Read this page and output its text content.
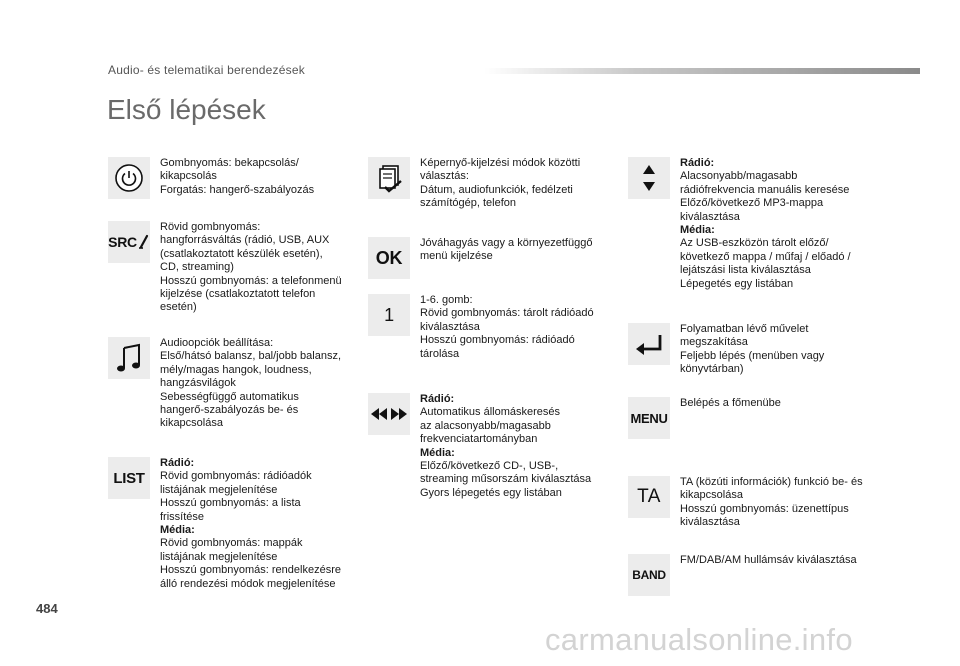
Audio- és telematikai berendezések
Első lépések
Gombnyomás: bekapcsolás/
kikapcsolás
Forgatás: hangerő-szabályozás
SRC
Rövid gombnyomás:
hangforrásváltás (rádió, USB, AUX
(csatlakoztatott készülék esetén),
CD, streaming)
Hosszú gombnyomás: a telefonmenü
kijelzése (csatlakoztatott telefon
esetén)
Audioopciók beállítása:
Első/hátsó balansz, bal/jobb balansz,
mély/magas hangok, loudness,
hangzásvilágok
Sebességfüggő automatikus
hangerő-szabályozás be- és
kikapcsolása
LIST
Rádió:
Rövid gombnyomás: rádióadók
listájának megjelenítése
Hosszú gombnyomás: a lista
frissítése
Média:
Rövid gombnyomás: mappák
listájának megjelenítése
Hosszú gombnyomás: rendelkezésre
álló rendezési módok megjelenítése
Képernyő-kijelzési módok közötti
választás:
Dátum, audiofunkciók, fedélzeti
számítógép, telefon
OK
Jóváhagyás vagy a környezetfüggő
menü kijelzése
1
1-6. gomb:
Rövid gombnyomás: tárolt rádióadó
kiválasztása
Hosszú gombnyomás: rádióadó
tárolása
Rádió:
Automatikus állomáskeresés
az alacsonyabb/magasabb
frekvenciatartományban
Média:
Előző/következő CD-, USB-,
streaming műsorszám kiválasztása
Gyors lépegetés egy listában
Rádió:
Alacsonyabb/magasabb
rádiófrekvencia manuális keresése
Előző/következő MP3-mappa
kiválasztása
Média:
Az USB-eszközön tárolt előző/
következő mappa / műfaj / előadó /
lejátszási lista kiválasztása
Lépegetés egy listában
Folyamatban lévő művelet
megszakítása
Feljebb lépés (menüben vagy
könyvtárban)
MENU
Belépés a főmenübe
TA
TA (közúti információk) funkció be- és
kikapcsolása
Hosszú gombnyomás: üzenettípus
kiválasztása
BAND
FM/DAB/AM hullámsáv kiválasztása
484
carmanualsonline.info
